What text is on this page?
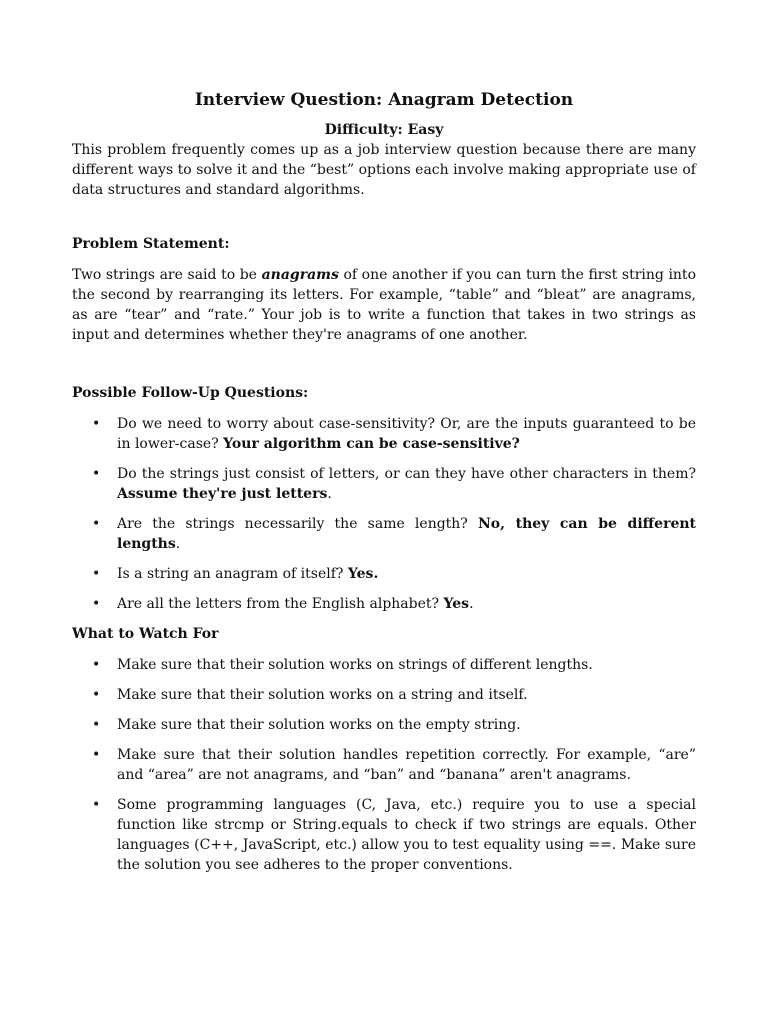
Interview Question: Anagram Detection

Difficulty: Easy

This problem frequently comes up as a job interview question because there are many different ways to solve it and the “best” options each involve making appropriate use of data structures and standard algorithms.

Problem Statement:

Two strings are said to be anagrams of one another if you can turn the first string into the second by rearranging its letters. For example, “table” and “bleat” are anagrams, as are “tear” and “rate.” Your job is to write a function that takes in two strings as input and determines whether they're anagrams of one another.

Possible Follow-Up Questions:

• Do we need to worry about case-sensitivity? Or, are the inputs guaranteed to be in lower-case? Your algorithm can be case-sensitive?
• Do the strings just consist of letters, or can they have other characters in them? Assume they're just letters.
• Are the strings necessarily the same length? No, they can be different lengths.
• Is a string an anagram of itself? Yes.
• Are all the letters from the English alphabet? Yes.

What to Watch For

• Make sure that their solution works on strings of different lengths.
• Make sure that their solution works on a string and itself.
• Make sure that their solution works on the empty string.
• Make sure that their solution handles repetition correctly. For example, “are” and “area” are not anagrams, and “ban” and “banana” aren't anagrams.
• Some programming languages (C, Java, etc.) require you to use a special function like strcmp or String.equals to check if two strings are equals. Other languages (C++, JavaScript, etc.) allow you to test equality using ==. Make sure the solution you see adheres to the proper conventions.
